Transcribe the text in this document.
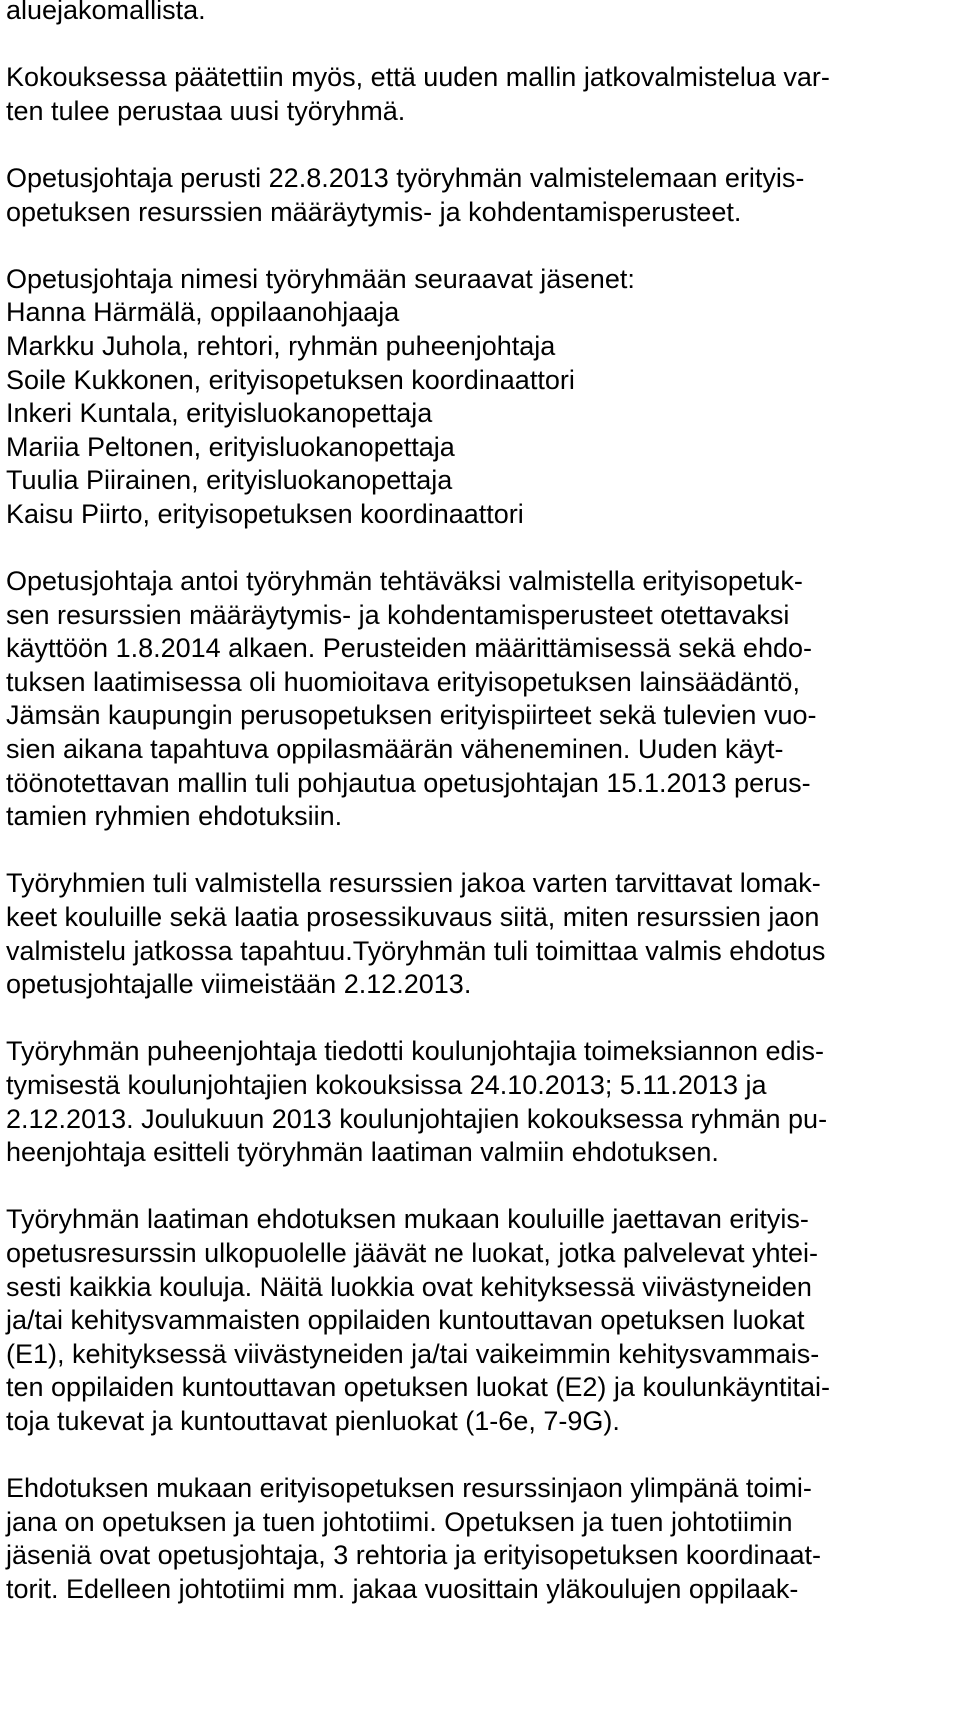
aluejakomallista.
Kokouksessa päätettiin myös, että uuden mallin jatkovalmistelua var-
ten tulee perustaa uusi työryhmä.
Opetusjohtaja perusti 22.8.2013 työryhmän valmistelemaan erityis-
opetuksen resurssien määräytymis- ja kohdentamisperusteet.
Opetusjohtaja nimesi työryhmään seuraavat jäsenet:
Hanna Härmälä, oppilaanohjaaja
Markku Juhola, rehtori, ryhmän puheenjohtaja
Soile Kukkonen, erityisopetuksen koordinaattori
Inkeri Kuntala, erityisluokanopettaja
Mariia Peltonen, erityisluokanopettaja
Tuulia Piirainen, erityisluokanopettaja
Kaisu Piirto, erityisopetuksen koordinaattori
Opetusjohtaja antoi työryhmän tehtäväksi valmistella erityisopetuk-
sen resurssien määräytymis- ja kohdentamisperusteet otettavaksi
käyttöön 1.8.2014 alkaen. Perusteiden määrittämisessä sekä ehdo-
tuksen laatimisessa oli huomioitava erityisopetuksen lainsäädäntö,
Jämsän kaupungin perusopetuksen erityispiirteet sekä tulevien vuo-
sien aikana tapahtuva oppilasmäärän väheneminen. Uuden käyt-
töönotettavan mallin tuli pohjautua opetusjohtajan 15.1.2013 perus-
tamien ryhmien ehdotuksiin.
Työryhmien tuli valmistella resurssien jakoa varten tarvittavat lomak-
keet kouluille sekä laatia prosessikuvaus siitä, miten resurssien jaon
valmistelu jatkossa tapahtuu.Työryhmän tuli toimittaa valmis ehdotus
opetusjohtajalle viimeistään 2.12.2013.
Työryhmän puheenjohtaja tiedotti koulunjohtajia toimeksiannon edis-
tymisestä koulunjohtajien kokouksissa 24.10.2013; 5.11.2013 ja
2.12.2013. Joulukuun 2013 koulunjohtajien kokouksessa ryhmän pu-
heenjohtaja esitteli työryhmän laatiman valmiin ehdotuksen.
Työryhmän laatiman ehdotuksen mukaan kouluille jaettavan erityis-
opetusresurssin ulkopuolelle jäävät ne luokat, jotka palvelevat yhtei-
sesti kaikkia kouluja. Näitä luokkia ovat kehityksessä viivästyneiden
ja/tai kehitysvammaisten oppilaiden kuntouttavan opetuksen luokat
(E1), kehityksessä viivästyneiden ja/tai vaikeimmin kehitysvammais-
ten oppilaiden kuntouttavan opetuksen luokat (E2) ja koulunkäyntitai-
toja tukevat ja kuntouttavat pienluokat (1-6e, 7-9G).
Ehdotuksen mukaan erityisopetuksen resurssinjaon ylimpänä toimi-
jana on opetuksen ja tuen johtotiimi. Opetuksen ja tuen johtotiimin
jäseniä ovat opetusjohtaja, 3 rehtoria ja erityisopetuksen koordinaat-
torit. Edelleen johtotiimi mm. jakaa vuosittain yläkoulujen oppilaak-
